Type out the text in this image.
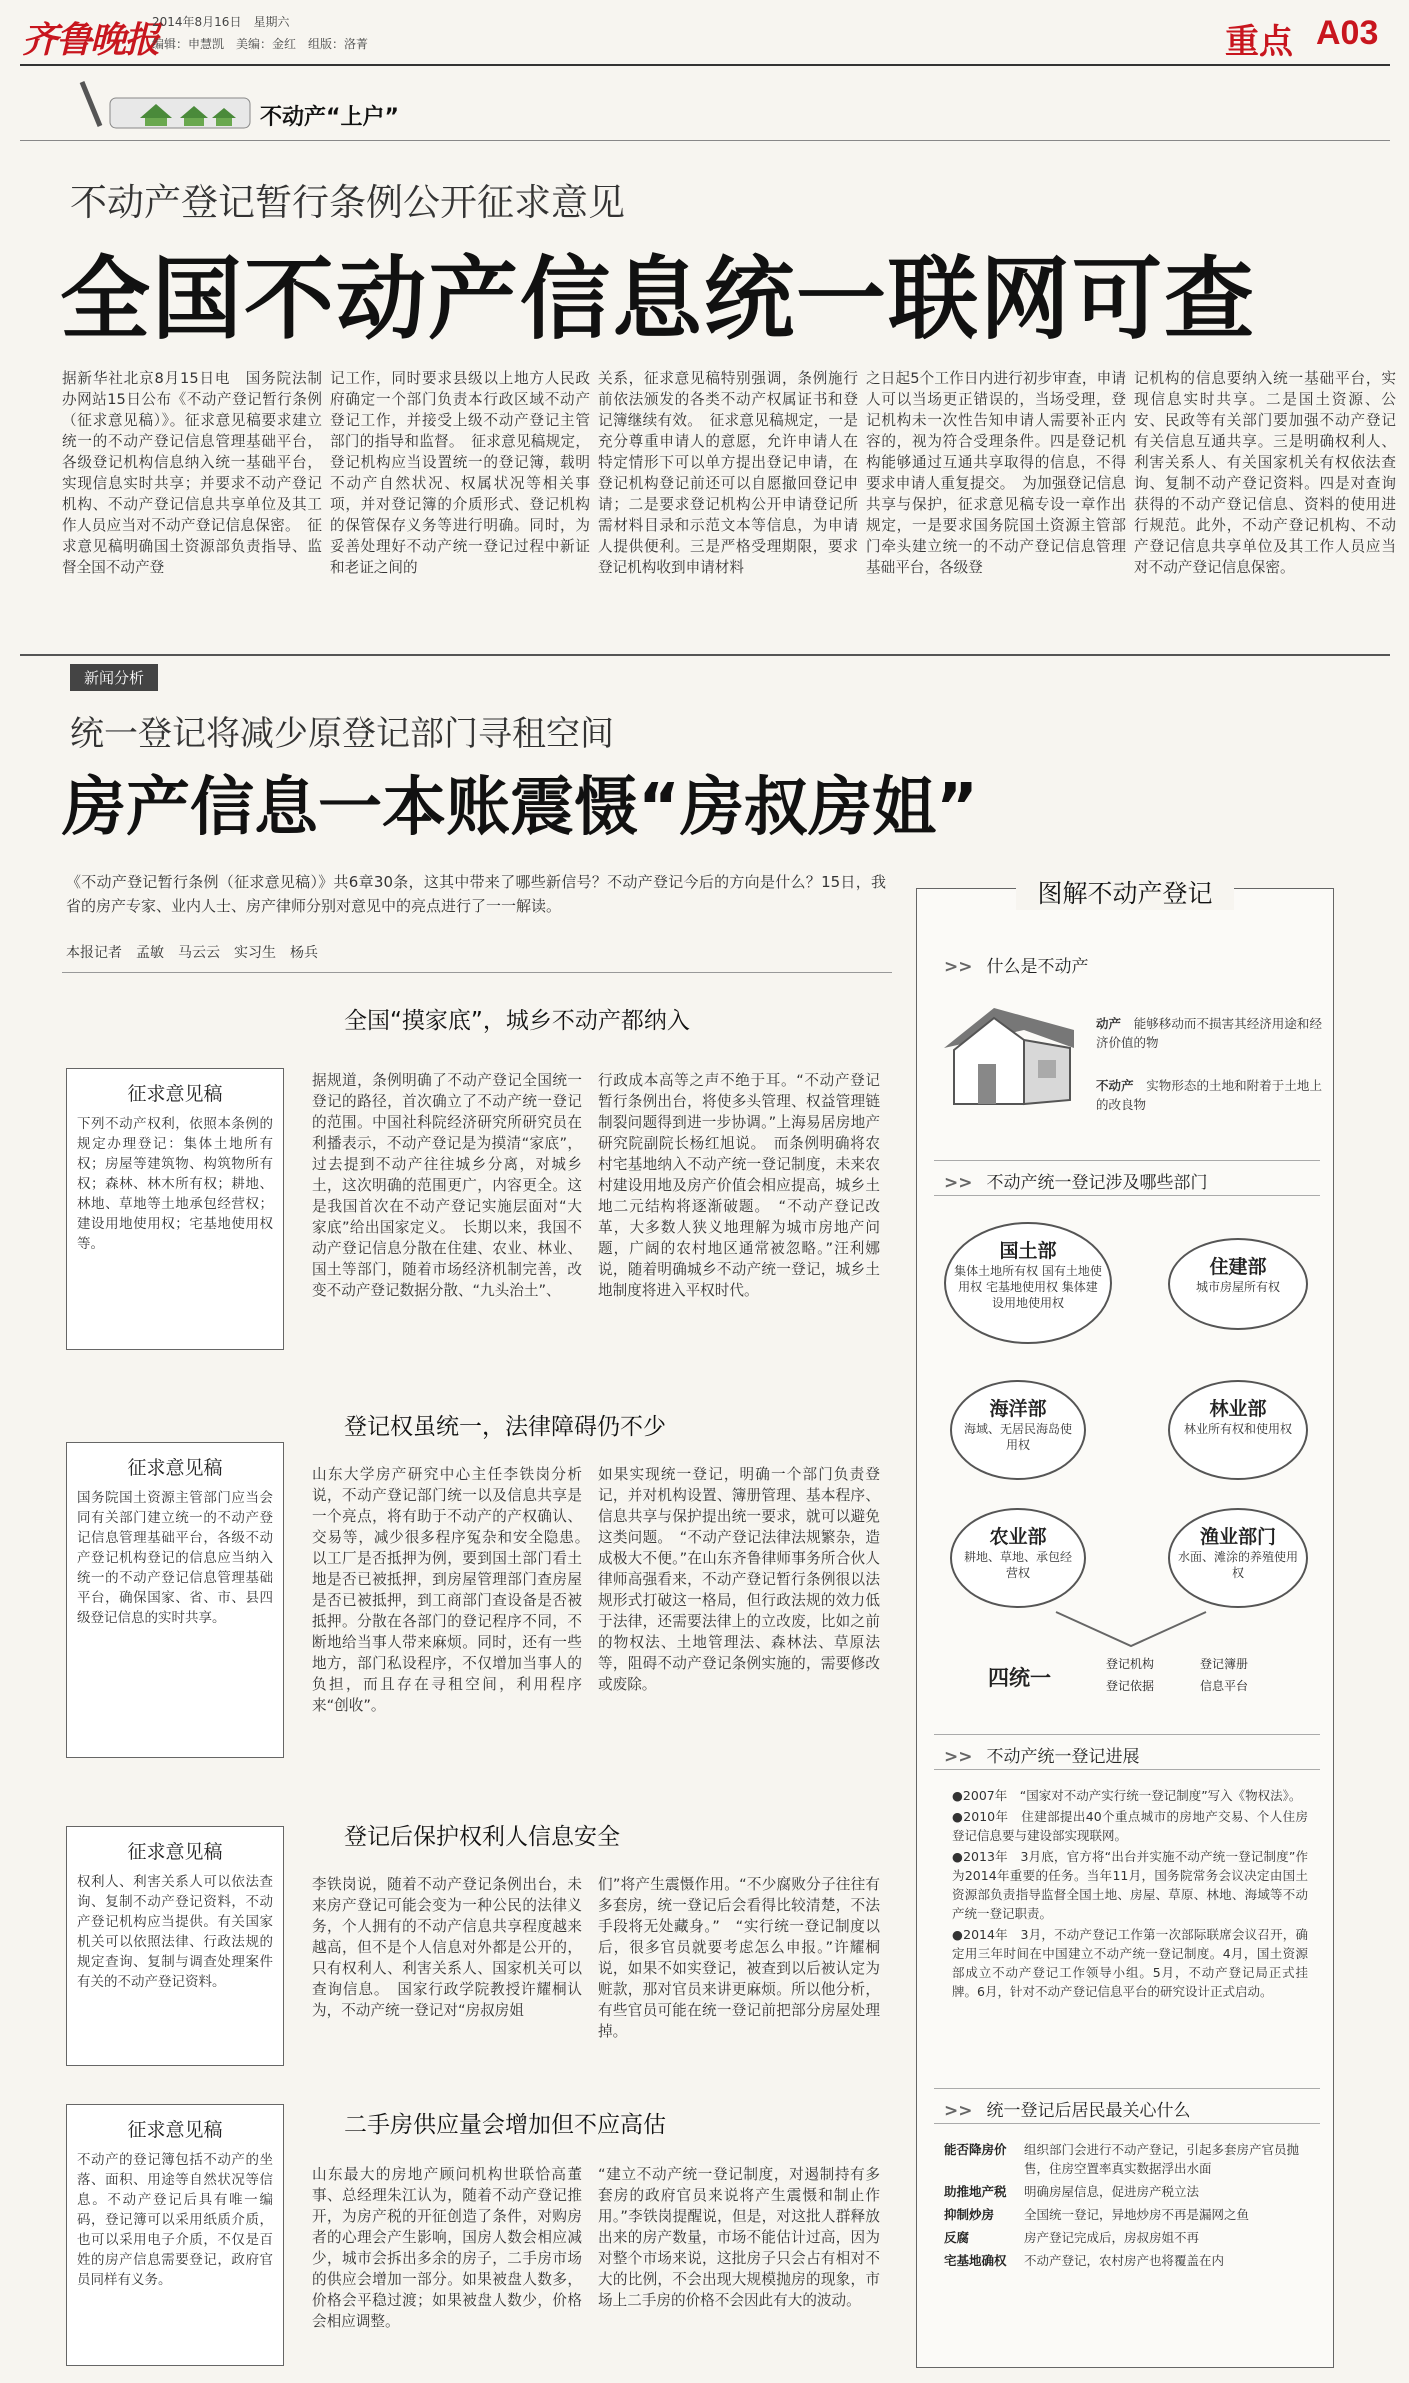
齐鲁晚报
2014年8月16日　星期六
编辑：申慧凯　美编：金红　组版：洛菁	重点 A03
不动产“上户”
不动产登记暂行条例公开征求意见
全国不动产信息统一联网可查
据新华社北京8月15日电　国务院法制办网站15日公布《不动产登记暂行条例（征求意见稿）》。征求意见稿要求建立统一的不动产登记信息管理基础平台，各级登记机构信息纳入统一基础平台，实现信息实时共享；并要求不动产登记机构、不动产登记信息共享单位及其工作人员应当对不动产登记信息保密。　征求意见稿明确国土资源部负责指导、监督全国不动产登
记工作，同时要求县级以上地方人民政府确定一个部门负责本行政区域不动产登记工作，并接受上级不动产登记主管部门的指导和监督。　征求意见稿规定，登记机构应当设置统一的登记簿，载明不动产自然状况、权属状况等相关事项，并对登记簿的介质形式、登记机构的保管保存义务等进行明确。同时，为妥善处理好不动产统一登记过程中新证和老证之间的
关系，征求意见稿特别强调，条例施行前依法颁发的各类不动产权属证书和登记簿继续有效。　征求意见稿规定，一是充分尊重申请人的意愿，允许申请人在特定情形下可以单方提出登记申请，在登记机构登记前还可以自愿撤回登记申请；二是要求登记机构公开申请登记所需材料目录和示范文本等信息，为申请人提供便利。三是严格受理期限，要求登记机构收到申请材料
之日起5个工作日内进行初步审查，申请人可以当场更正错误的，当场受理，登记机构未一次性告知申请人需要补正内容的，视为符合受理条件。四是登记机构能够通过互通共享取得的信息，不得要求申请人重复提交。　为加强登记信息共享与保护，征求意见稿专设一章作出规定，一是要求国务院国土资源主管部门牵头建立统一的不动产登记信息管理基础平台，各级登
记机构的信息要纳入统一基础平台，实现信息实时共享。二是国土资源、公安、民政等有关部门要加强不动产登记有关信息互通共享。三是明确权利人、利害关系人、有关国家机关有权依法查询、复制不动产登记资料。四是对查询获得的不动产登记信息、资料的使用进行规范。此外，不动产登记机构、不动产登记信息共享单位及其工作人员应当对不动产登记信息保密。
新闻分析
统一登记将减少原登记部门寻租空间
房产信息一本账震慑“房叔房姐”
《不动产登记暂行条例（征求意见稿）》共6章30条，这其中带来了哪些新信号？不动产登记今后的方向是什么？15日，我省的房产专家、业内人士、房产律师分别对意见中的亮点进行了一一解读。
本报记者　孟敏　马云云　实习生　杨兵
全国“摸家底”，城乡不动产都纳入
据规道，条例明确了不动产登记全国统一登记的路径，首次确立了不动产统一登记的范围。中国社科院经济研究所研究员在利播表示，不动产登记是为摸清“家底”，过去提到不动产往往城乡分离，对城乡土，这次明确的范围更广，内容更全。这是我国首次在不动产登记实施层面对“大家底”给出国家定义。　长期以来，我国不动产登记信息分散在住建、农业、林业、国土等部门，随着市场经济机制完善，改变不动产登记数据分散、“九头治土”、
行政成本高等之声不绝于耳。“不动产登记暂行条例出台，将使多头管理、权益管理链制裂问题得到进一步协调。”上海易居房地产研究院副院长杨红旭说。　而条例明确将农村宅基地纳入不动产统一登记制度，未来农村建设用地及房产价值会相应提高，城乡土地二元结构将逐渐破题。　“不动产登记改革，大多数人狭义地理解为城市房地产问题，广阔的农村地区通常被忽略。”汪利娜说，随着明确城乡不动产统一登记，城乡土地制度将进入平权时代。
登记权虽统一，法律障碍仍不少
山东大学房产研究中心主任李铁岗分析说，不动产登记部门统一以及信息共享是一个亮点，将有助于不动产的产权确认、交易等，减少很多程序冤杂和安全隐患。　以工厂是否抵押为例，要到国土部门看土地是否已被抵押，到房屋管理部门查房屋是否已被抵押，到工商部门查设备是否被抵押。分散在各部门的登记程序不同，不断地给当事人带来麻烦。同时，还有一些地方，部门私设程序，不仅增加当事人的负担，而且存在寻租空间，利用程序来“创收”。
如果实现统一登记，明确一个部门负责登记，并对机构设置、簿册管理、基本程序、信息共享与保护提出统一要求，就可以避免这类问题。　“不动产登记法律法规繁杂，造成极大不便。”在山东齐鲁律师事务所合伙人律师高强看来，不动产登记暂行条例很以法规形式打破这一格局，但行政法规的效力低于法律，还需要法律上的立改废，比如之前的物权法、土地管理法、森林法、草原法等，阻碍不动产登记条例实施的，需要修改或废除。
登记后保护权利人信息安全
李铁岗说，随着不动产登记条例出台，未来房产登记可能会变为一种公民的法律义务，个人拥有的不动产信息共享程度越来越高，但不是个人信息对外都是公开的，只有权利人、利害关系人、国家机关可以查询信息。　国家行政学院教授许耀桐认为，不动产统一登记对“房叔房姐
们”将产生震慑作用。“不少腐败分子往往有多套房，统一登记后会看得比较清楚，不法手段将无处藏身。”　“实行统一登记制度以后，很多官员就要考虑怎么申报。”许耀桐说，如果不如实登记，被查到以后被认定为赃款，那对官员来讲更麻烦。所以他分析，有些官员可能在统一登记前把部分房屋处理掉。
二手房供应量会增加但不应高估
山东最大的房地产顾问机构世联恰高董事、总经理朱江认为，随着不动产登记推开，为房产税的开征创造了条件，对购房者的心理会产生影响，国房人数会相应减少，城市会拆出多余的房子，二手房市场的供应会增加一部分。如果被盘人数多，价格会平稳过渡；如果被盘人数少，价格会相应调整。
“建立不动产统一登记制度，对遏制持有多套房的政府官员来说将产生震慑和制止作用。”李铁岗提醒说，但是，对这批人群释放出来的房产数量，市场不能估计过高，因为对整个市场来说，这批房子只会占有相对不大的比例，不会出现大规模抛房的现象，市场上二手房的价格不会因此有大的波动。
征求意见稿
下列不动产权利，依照本条例的规定办理登记：集体土地所有权；房屋等建筑物、构筑物所有权；森林、林木所有权；耕地、林地、草地等土地承包经营权；建设用地使用权；宅基地使用权等。
征求意见稿
国务院国土资源主管部门应当会同有关部门建立统一的不动产登记信息管理基础平台，各级不动产登记机构登记的信息应当纳入统一的不动产登记信息管理基础平台，确保国家、省、市、县四级登记信息的实时共享。
征求意见稿
权利人、利害关系人可以依法查询、复制不动产登记资料，不动产登记机构应当提供。有关国家机关可以依照法律、行政法规的规定查询、复制与调查处理案件有关的不动产登记资料。
征求意见稿
不动产的登记簿包括不动产的坐落、面积、用途等自然状况等信息。不动产登记后具有唯一编码，登记簿可以采用纸质介质，也可以采用电子介质，不仅是百姓的房产信息需要登记，政府官员同样有义务。
图解不动产登记
>> 什么是不动产
动产　 能够移动而不损害其经济用途和经济价值的物
不动产　 实物形态的土地和附着于土地上的改良物
>> 不动产统一登记涉及哪些部门
国土部
集体土地所有权 国有土地使用权 宅基地使用权 集体建设用地使用权
住建部
城市房屋所有权
海洋部
海域、无居民海岛使用权
林业部
林业所有权和使用权
农业部
耕地、草地、承包经营权
渔业部门
水面、滩涂的养殖使用权
四统一
登记机构	登记簿册
登记依据	信息平台
>> 不动产统一登记进展
●2007年　“国家对不动产实行统一登记制度”写入《物权法》。
●2010年　住建部提出40个重点城市的房地产交易、个人住房登记信息要与建设部实现联网。
●2013年　3月底，官方将“出台并实施不动产统一登记制度”作为2014年重要的任务。当年11月，国务院常务会议决定由国土资源部负责指导监督全国土地、房屋、草原、林地、海域等不动产统一登记职责。
●2014年　3月，不动产登记工作第一次部际联席会议召开，确定用三年时间在中国建立不动产统一登记制度。4月，国土资源部成立不动产登记工作领导小组。5月，不动产登记局正式挂牌。6月，针对不动产登记信息平台的研究设计正式启动。
>> 统一登记后居民最关心什么
能否降房价	组织部门会进行不动产登记，引起多套房产官员抛售，住房空置率真实数据浮出水面
助推地产税	明确房屋信息，促进房产税立法
抑制炒房	全国统一登记，异地炒房不再是漏网之鱼
反腐	房产登记完成后，房叔房姐不再
宅基地确权	不动产登记，农村房产也将覆盖在内
